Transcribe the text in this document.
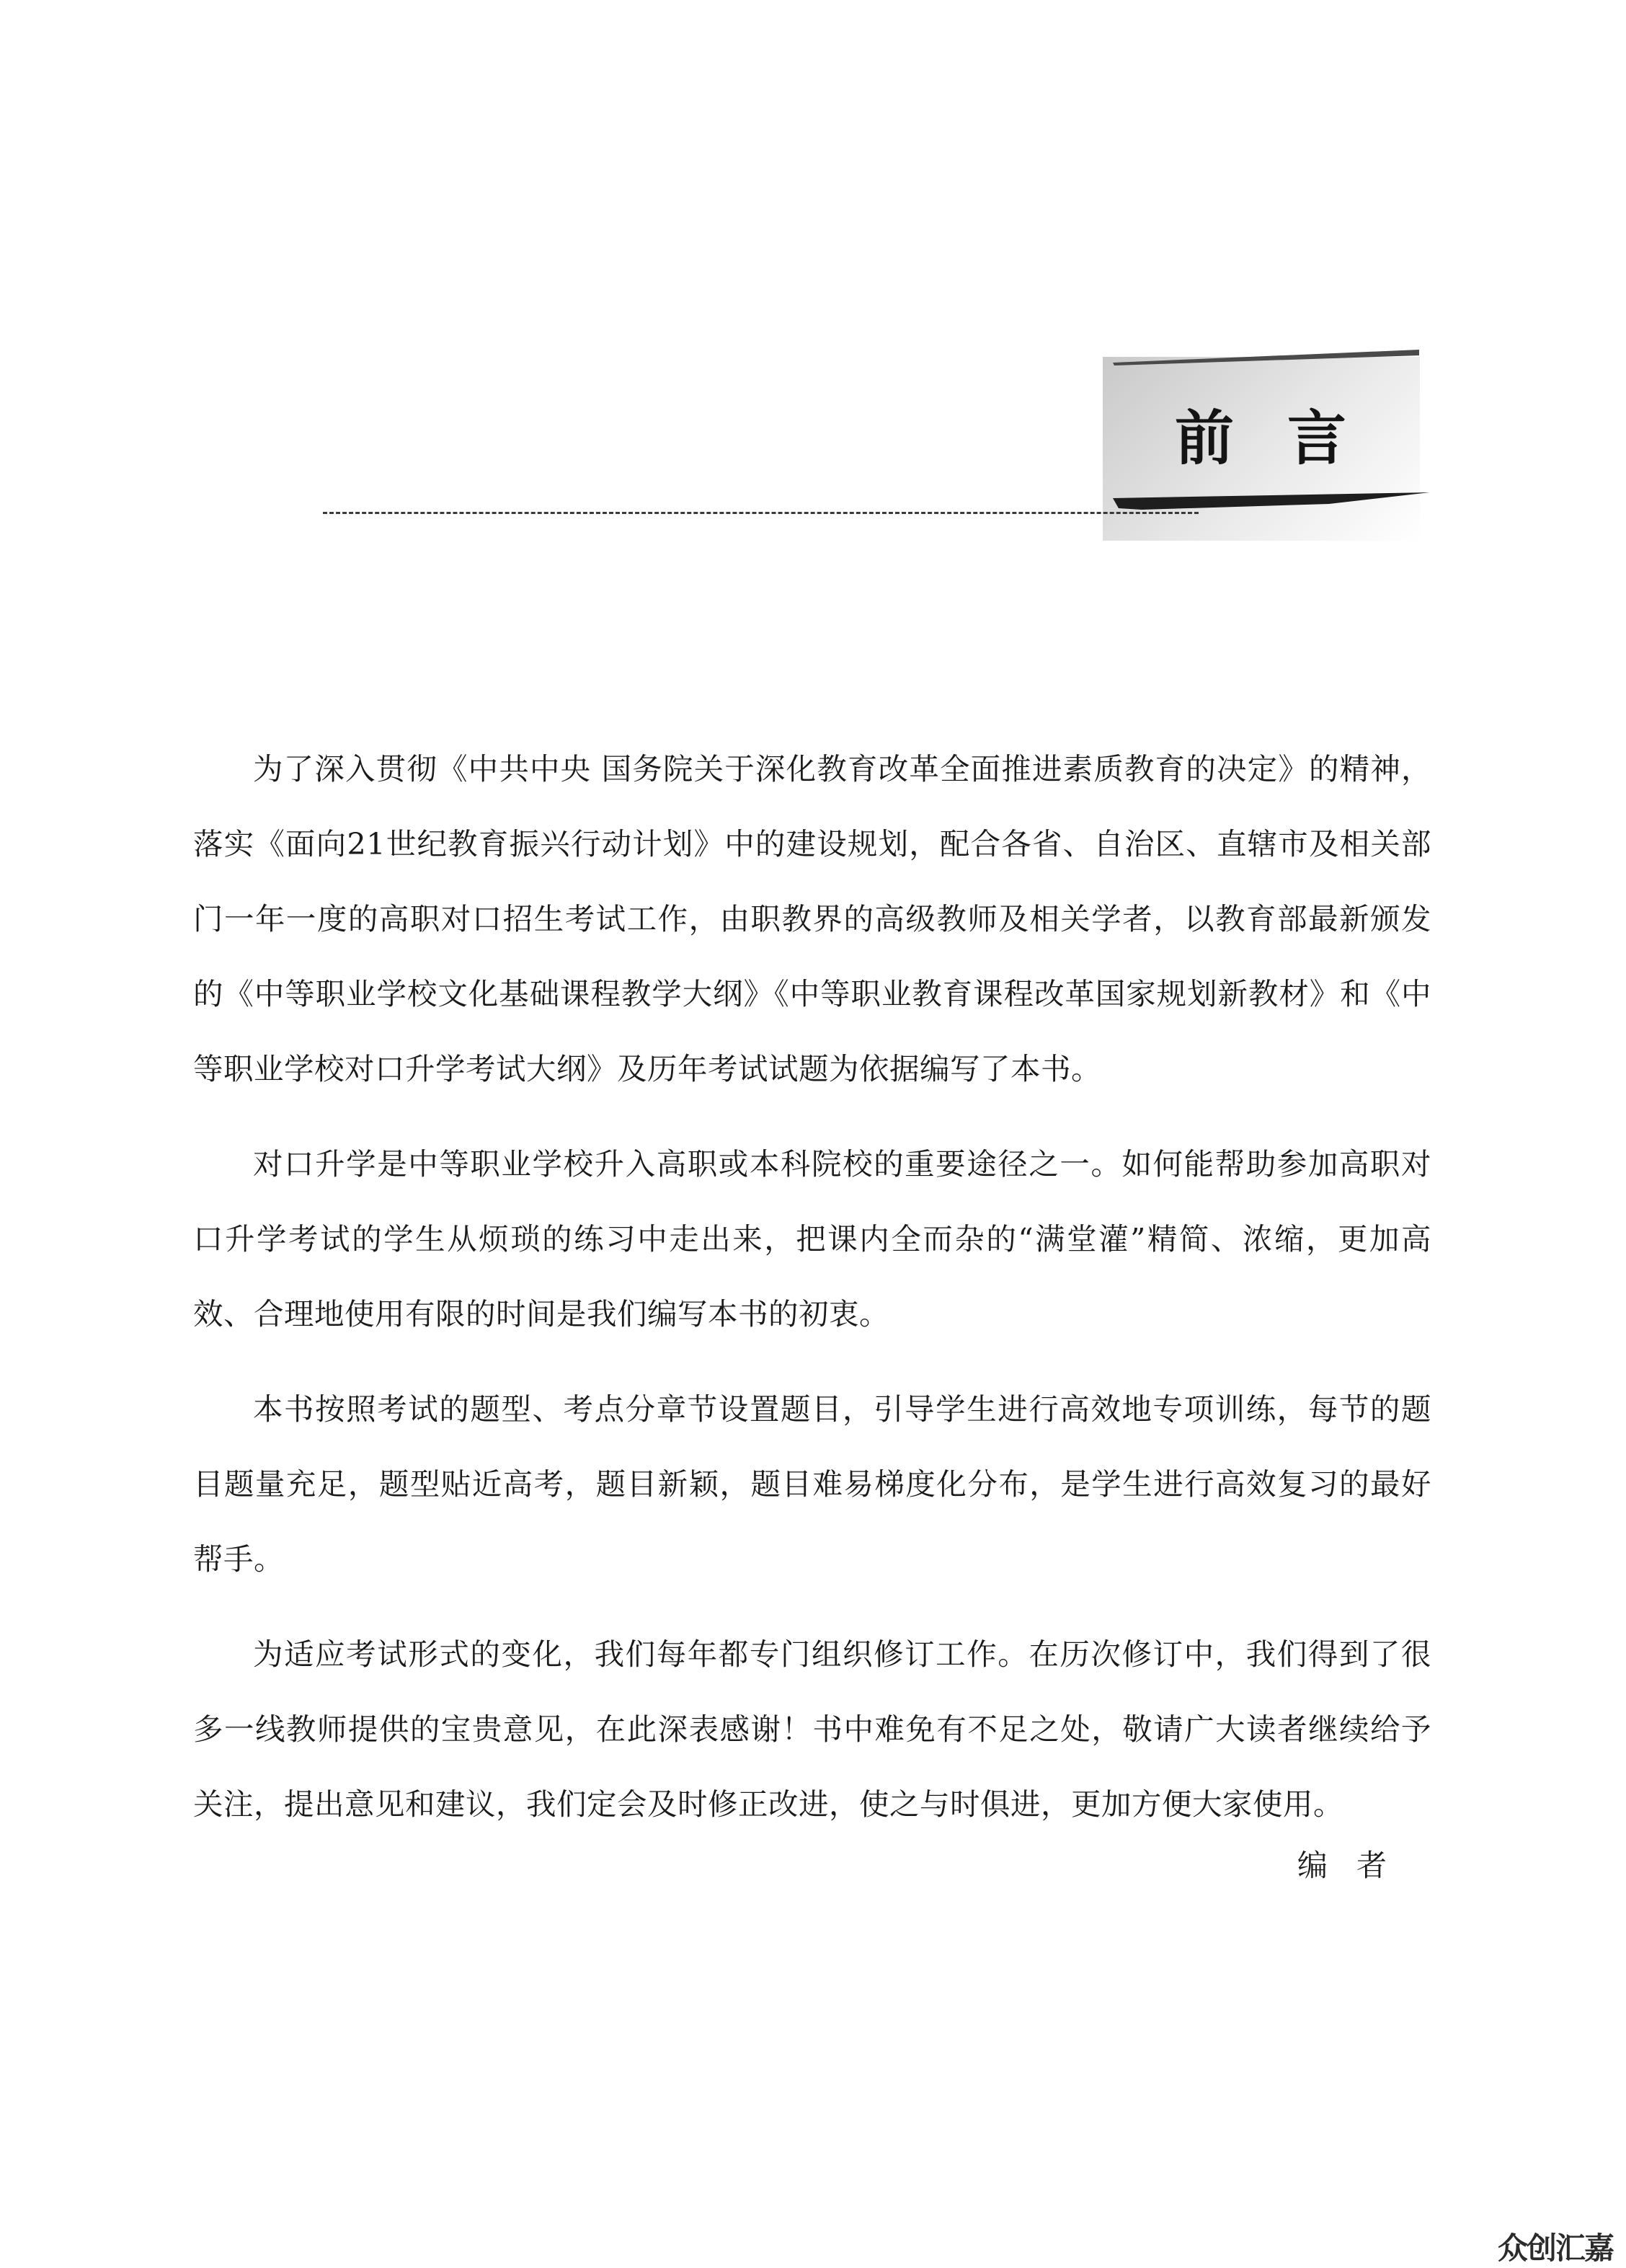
前言

为了深入贯彻《中共中央 国务院关于深化教育改革全面推进素质教育的决定》的精神，落实《面向21世纪教育振兴行动计划》中的建设规划，配合各省、自治区、直辖市及相关部门一年一度的高职对口招生考试工作，由职教界的高级教师及相关学者，以教育部最新颁发的《中等职业学校文化基础课程教学大纲》《中等职业教育课程改革国家规划新教材》和《中等职业学校对口升学考试大纲》及历年考试试题为依据编写了本书。

对口升学是中等职业学校升入高职或本科院校的重要途径之一。如何能帮助参加高职对口升学考试的学生从烦琐的练习中走出来，把课内全而杂的“满堂灌”精简、浓缩，更加高效、合理地使用有限的时间是我们编写本书的初衷。

本书按照考试的题型、考点分章节设置题目，引导学生进行高效地专项训练，每节的题目题量充足，题型贴近高考，题目新颖，题目难易梯度化分布，是学生进行高效复习的最好帮手。

为适应考试形式的变化，我们每年都专门组织修订工作。在历次修订中，我们得到了很多一线教师提供的宝贵意见，在此深表感谢！书中难免有不足之处，敬请广大读者继续给予关注，提出意见和建议，我们定会及时修正改进，使之与时俱进，更加方便大家使用。

编者
众创汇嘉
